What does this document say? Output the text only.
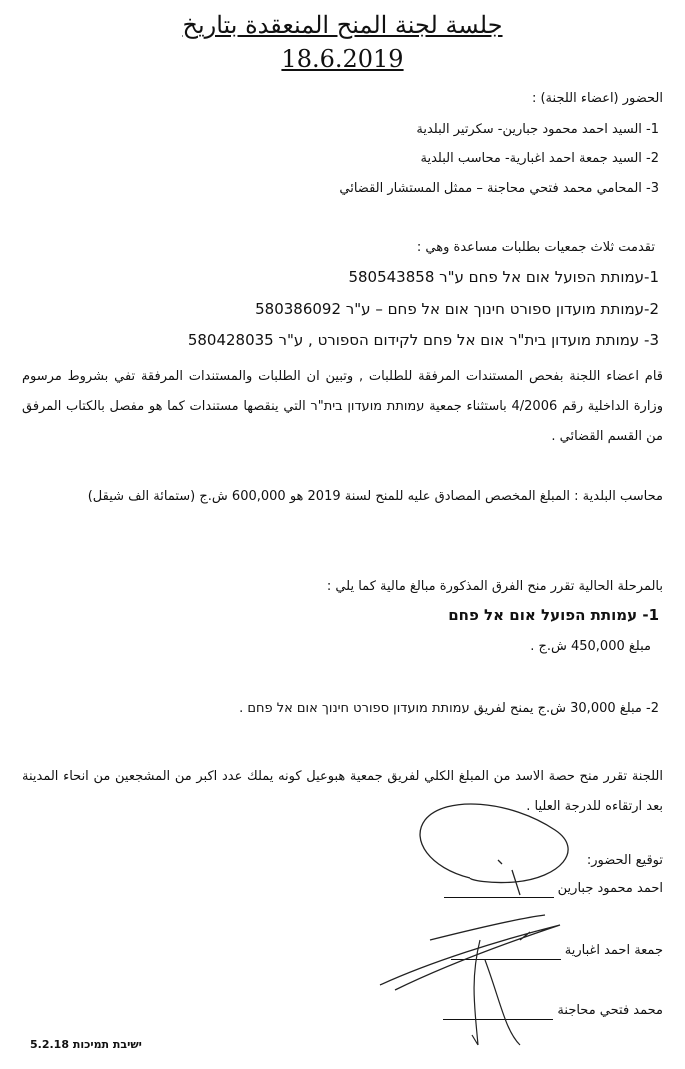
جلسة لجنة المنح المنعقدة بتاريخ 18.6.2019
الحضور (اعضاء اللجنة) :
1- السيد احمد محمود جبارين- سكرتير البلدية
2- السيد جمعة احمد اغبارية- محاسب البلدية
3- المحامي محمد فتحي محاجنة – ممثل المستشار القضائي
تقدمت ثلاث جمعيات بطلبات مساعدة وهي :
1-עמותת הפועל אום אל פחם ע"ר 580543858
2-עמותת מועדון ספורט חינוך אום אל פחם – ע"ר 580386092
3- עמותת מועדון בית"ר אום אל פחם לקידום הספורט , ע"ר 580428035
قام اعضاء اللجنة بفحص المستندات المرفقة للطلبات , وتبين ان الطلبات والمستندات المرفقة تفي بشروط مرسوم وزارة الداخلية رقم 4/2006 باستثناء جمعية עמותת מועדון בית"ר التي ينقصها مستندات كما هو مفصل بالكتاب المرفق من القسم القضائي .
محاسب البلدية : المبلغ المخصص المصادق عليه للمنح لسنة 2019 هو 600,000 ش.ج (ستمائة الف شيقل)
بالمرحلة الحالية تقرر منح الفرق المذكورة مبالغ مالية كما يلي :
1- עמותת הפועל אום אל פחם
مبلغ 450,000 ش.ج .
2- مبلغ 30,000 ش.ج يمنح لفريق עמותת מועדון ספורט חינוך אום אל פחם .
اللجنة تقرر منح حصة الاسد من المبلغ الكلي لفريق جمعية هبوعيل كونه يملك عدد اكبر من المشجعين من انحاء المدينة بعد ارتقاءه للدرجة العليا .
توقيع الحضور:
احمد محمود جبارين
جمعة احمد اغبارية
محمد فتحي محاجنة
ישיבת תמיכות 5.2.18
